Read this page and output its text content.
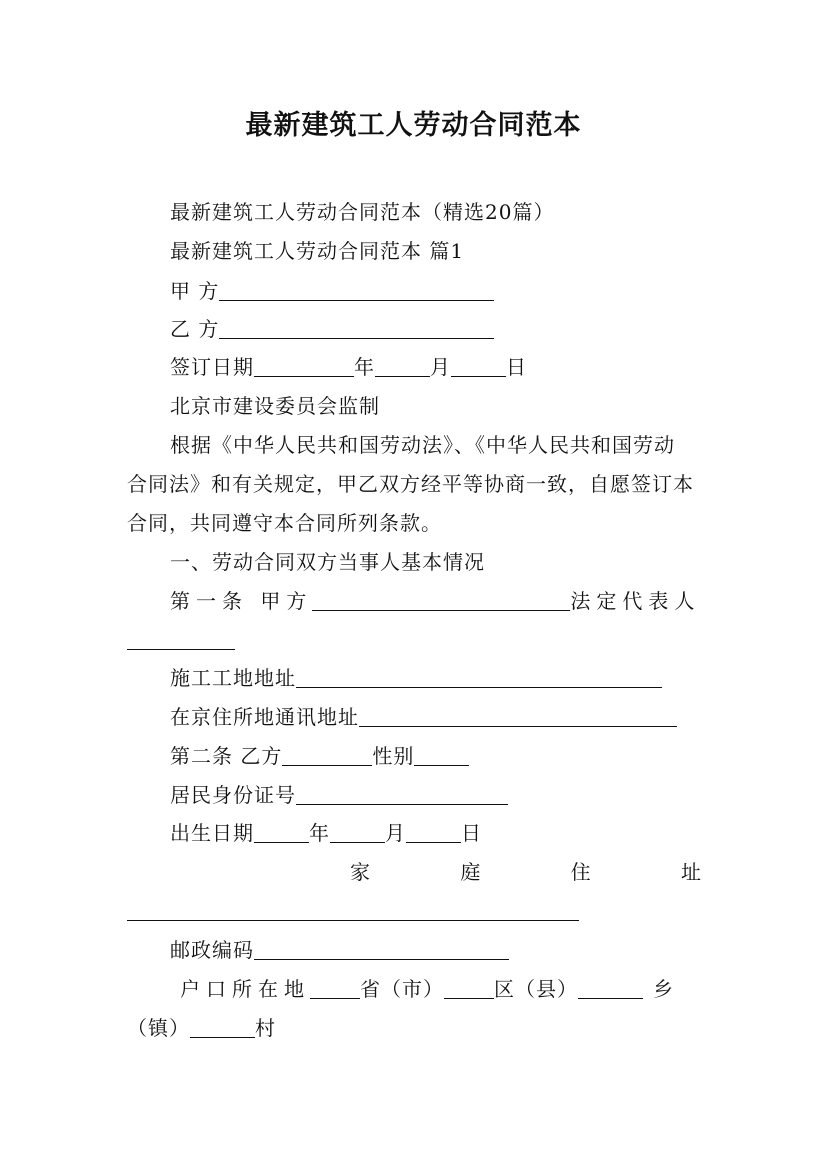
最新建筑工人劳动合同范本
最新建筑工人劳动合同范本（精选20篇）
最新建筑工人劳动合同范本 篇1
甲 方
乙 方
签订日期	年	月	日
北京市建设委员会监制
根据《中华人民共和国劳动法》、《中华人民共和国劳动
合同法》和有关规定，甲乙双方经平等协商一致，自愿签订本
合同，共同遵守本合同所列条款。
一、劳动合同双方当事人基本情况
第一条 甲方	法定代表人
施工工地地址
在京住所地通讯地址
第二条 乙方	性别
居民身份证号
出生日期	年	月	日
家	庭	住	址
邮政编码
户口所在地	省（市）	区（县）	乡
（镇）	村
